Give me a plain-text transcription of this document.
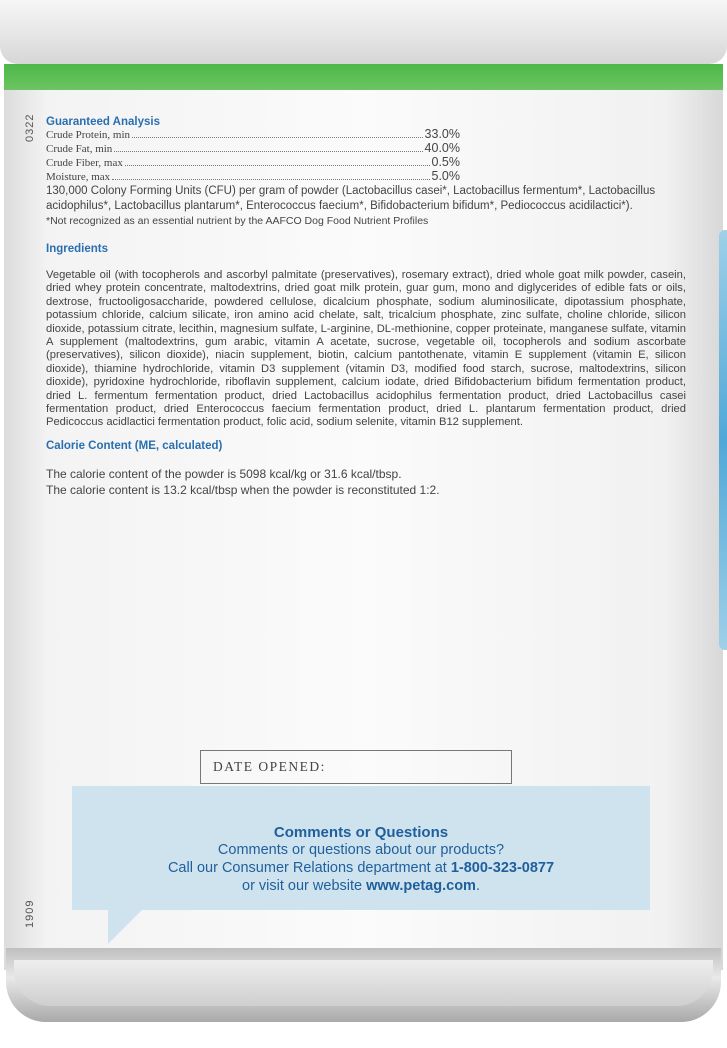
0322
1909

Guaranteed Analysis

Crude Protein, min	33.0%
Crude Fat, min	40.0%
Crude Fiber, max	0.5%
Moisture, max	5.0%

130,000 Colony Forming Units (CFU) per gram of powder (Lactobacillus casei*, Lactobacillus fermentum*, Lactobacillus acidophilus*, Lactobacillus plantarum*, Enterococcus faecium*, Bifidobacterium bifidum*, Pediococcus acidilactici*).

*Not recognized as an essential nutrient by the AAFCO Dog Food Nutrient Profiles

Ingredients

Vegetable oil (with tocopherols and ascorbyl palmitate (preservatives), rosemary extract), dried whole goat milk powder, casein, dried whey protein concentrate, maltodextrins, dried goat milk protein, guar gum, mono and diglycerides of edible fats or oils, dextrose, fructooligosaccharide, powdered cellulose, dicalcium phosphate, sodium aluminosilicate, dipotassium phosphate, potassium chloride, calcium silicate, iron amino acid chelate, salt, tricalcium phosphate, zinc sulfate, choline chloride, silicon dioxide, potassium citrate, lecithin, magnesium sulfate, L-arginine, DL-methionine, copper proteinate, manganese sulfate, vitamin A supplement (maltodextrins, gum arabic, vitamin A acetate, sucrose, vegetable oil, tocopherols and sodium ascorbate (preservatives), silicon dioxide), niacin supplement, biotin, calcium pantothenate, vitamin E supplement (vitamin E, silicon dioxide), thiamine hydrochloride, vitamin D3 supplement (vitamin D3, modified food starch, sucrose, maltodextrins, silicon dioxide), pyridoxine hydrochloride, riboflavin supplement, calcium iodate, dried Bifidobacterium bifidum fermentation product, dried L. fermentum fermentation product, dried Lactobacillus acidophilus fermentation product, dried Lactobacillus casei fermentation product, dried Enterococcus faecium fermentation product, dried L. plantarum fermentation product, dried Pedicoccus acidlactici fermentation product, folic acid, sodium selenite, vitamin B12 supplement.

Calorie Content (ME, calculated)

The calorie content of the powder is 5098 kcal/kg or 31.6 kcal/tbsp.
The calorie content is 13.2 kcal/tbsp when the powder is reconstituted 1:2.

DATE OPENED:
Comments or Questions
Comments or questions about our products?
Call our Consumer Relations department at 1-800-323-0877
or visit our website www.petag.com.
